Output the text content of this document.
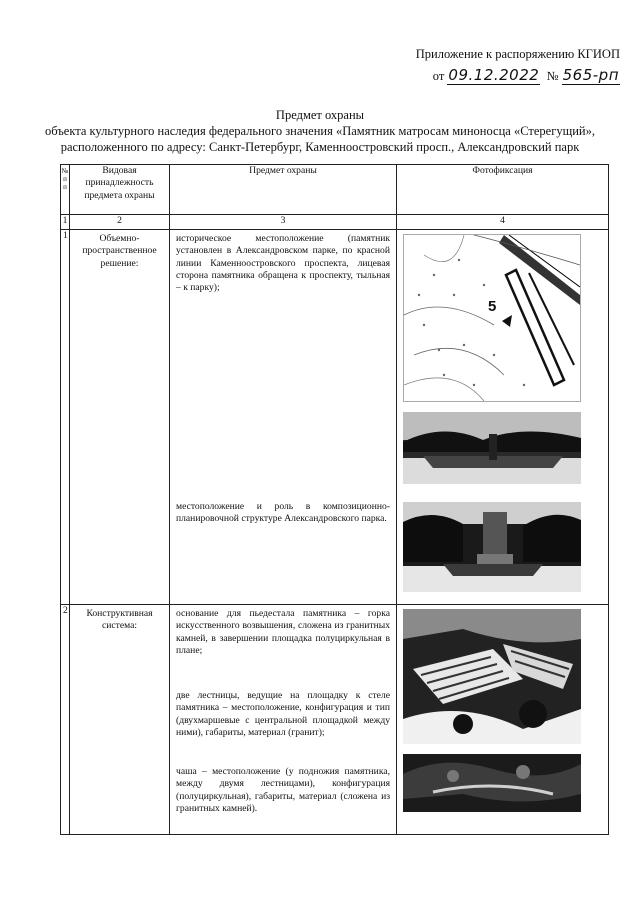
Приложение к распоряжению КГИОП
от 09.12.2022 № 565-рп
Предмет охраны
объекта культурного наследия федерального значения «Памятник матросам миноносца «Стерегущий»,
расположенного по адресу: Санкт-Петербург, Каменноостровский просп., Александровский парк
№ п п	Видовая принадлежность предмета охраны	Предмет охраны	Фотофиксация
1	2	3	4
1	Объемно-пространственное решение:	историческое местоположение (памятник установлен в Александровском парке, по красной линии Каменноостровского проспекта, лицевая сторона памятника обращена к проспекту, тыльная – к парку);
местоположение и роль в композиционно-планировочной структуре Александровского парка.	5

2	Конструктивная система:	основание для пьедестала памятника – горка искусственного возвышения, сложена из гранитных камней, в завершении площадка полуциркульная в плане;
две лестницы, ведущие на площадку к стеле памятника – местоположение, конфигурация и тип (двухмаршевые с центральной площадкой между ними), габариты, материал (гранит);
чаша – местоположение (у подножия памятника, между двумя лестницами), конфигурация (полуциркульная), габариты, материал (сложена из гранитных камней).
